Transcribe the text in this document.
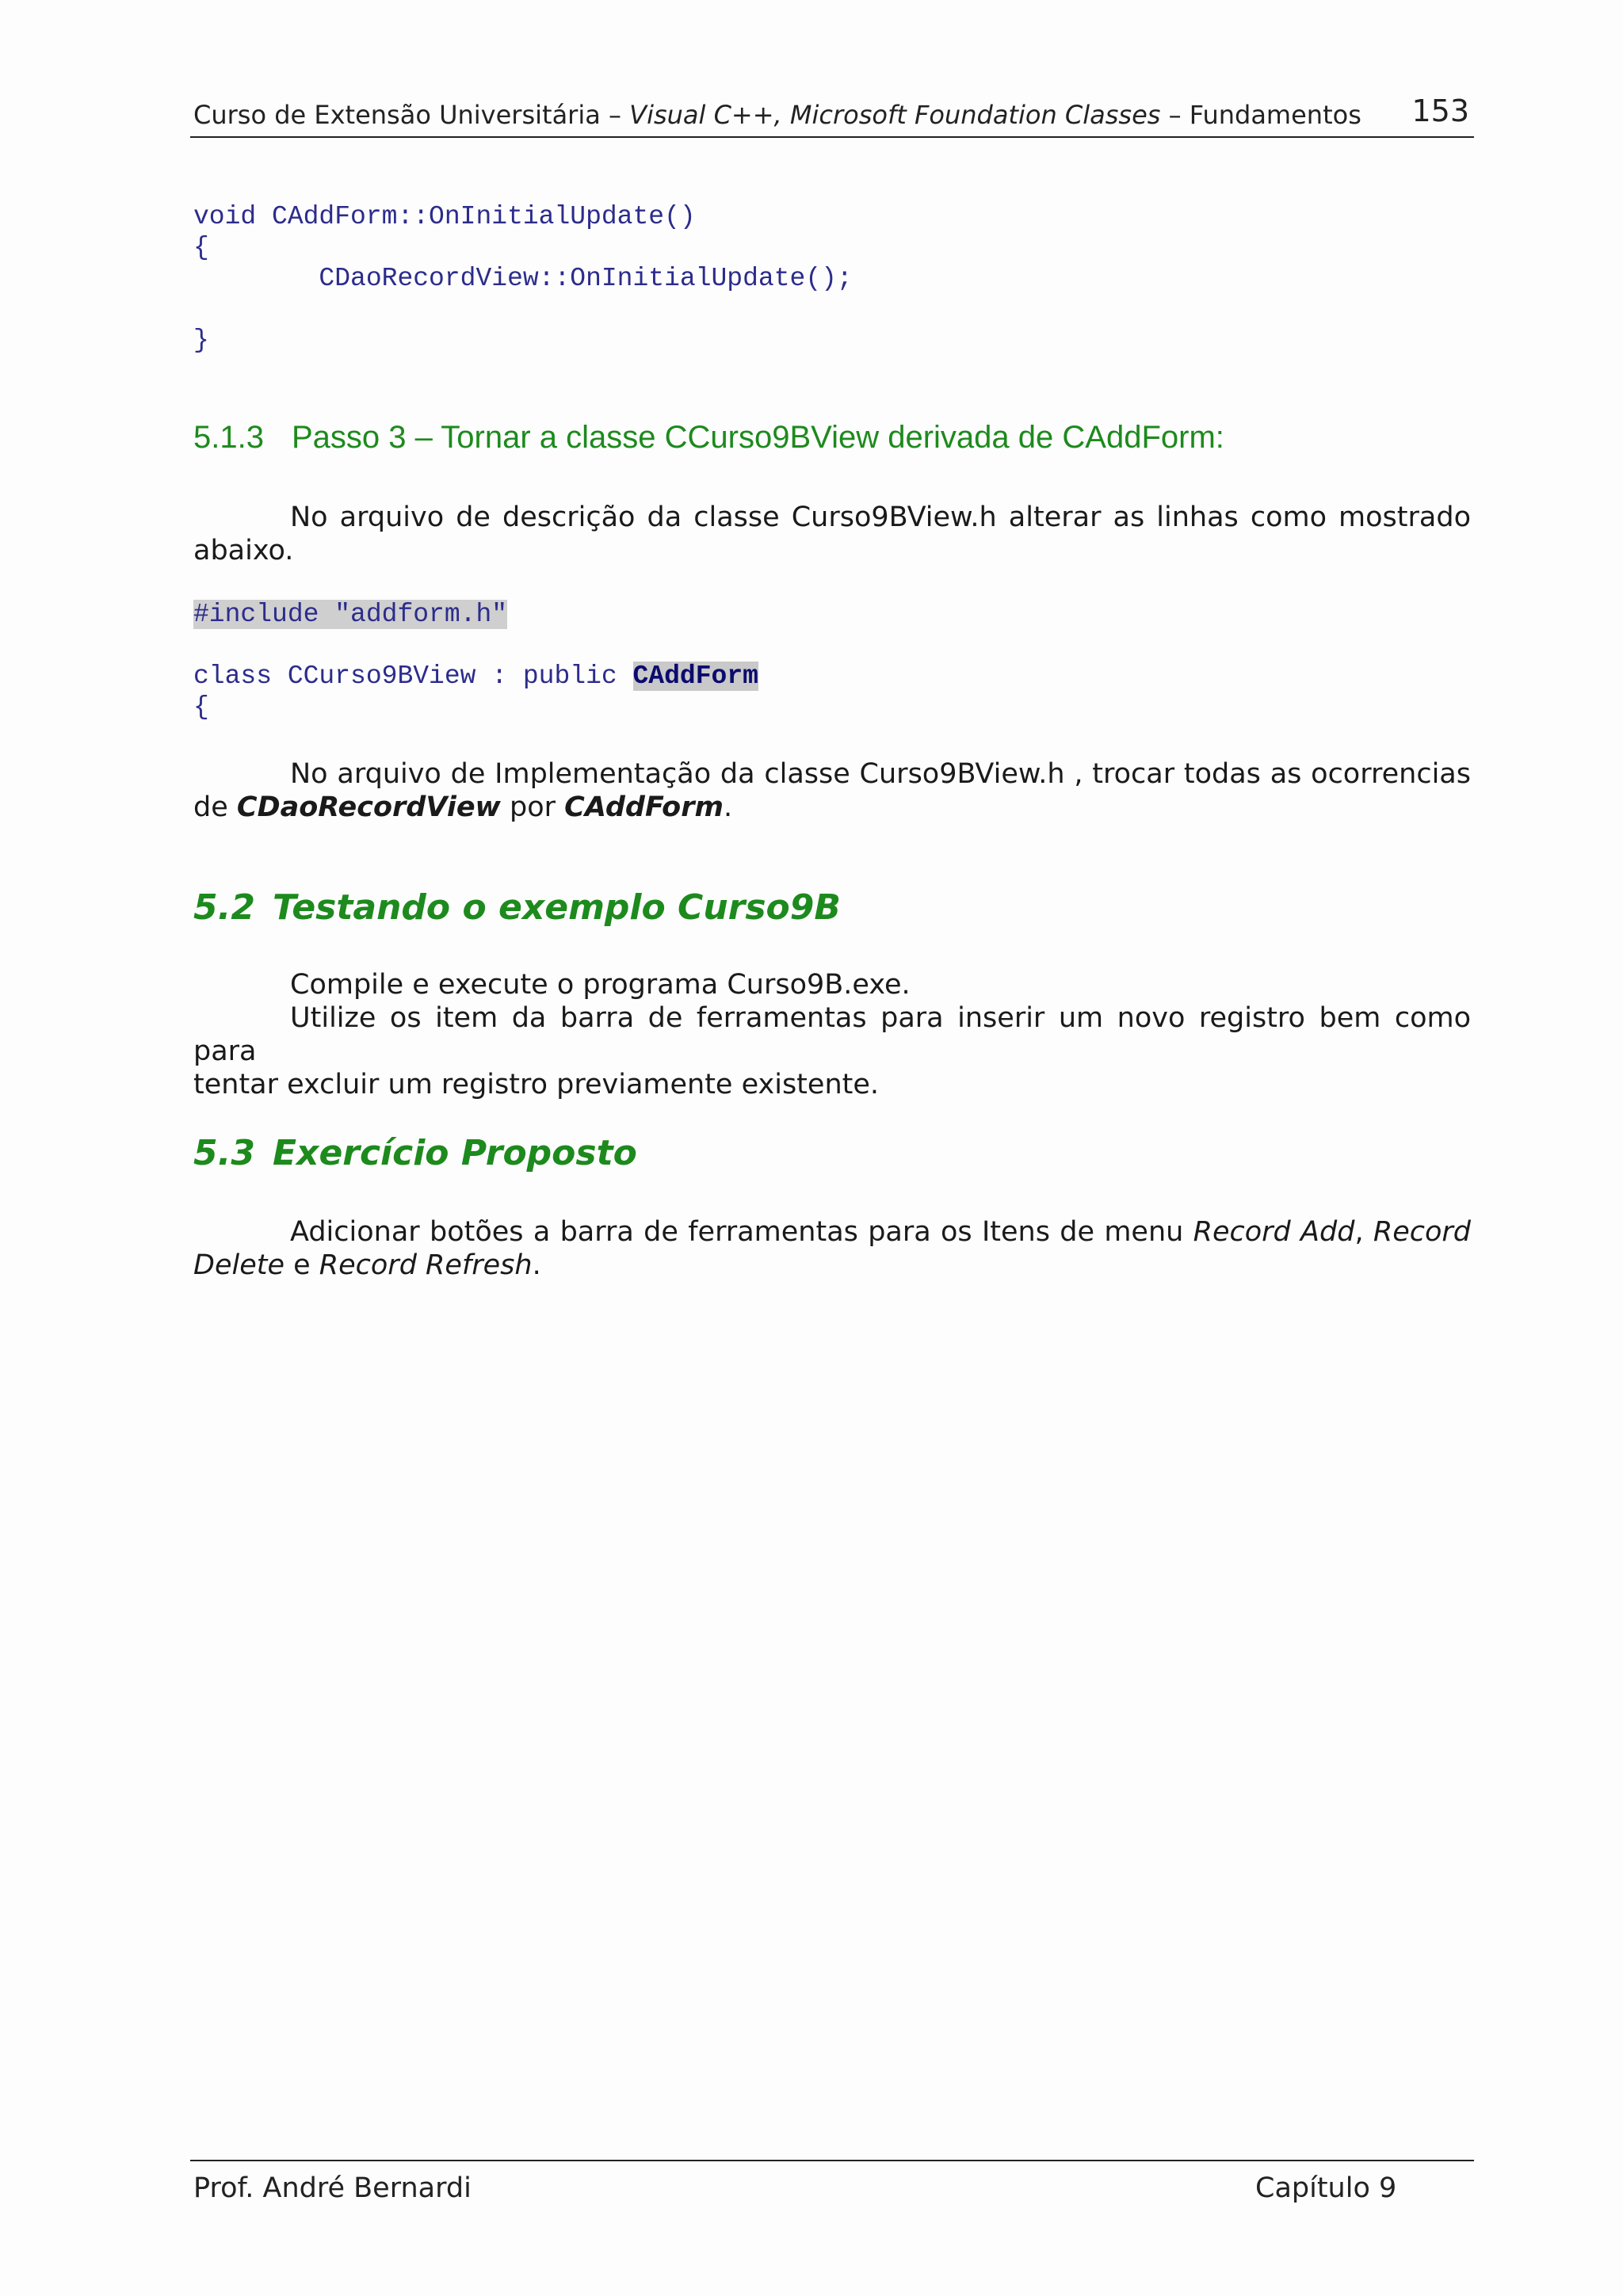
Curso de Extensão Universitária – Visual C++, Microsoft Foundation Classes – Fundamentos 153
void CAddForm::OnInitialUpdate()
{
CDaoRecordView::OnInitialUpdate();
}
5.1.3 Passo 3 – Tornar a classe CCurso9BView derivada de CAddForm:
No arquivo de descrição da classe Curso9BView.h alterar as linhas como mostrado
abaixo.
#include "addform.h"
class CCurso9BView : public CAddForm
{
No arquivo de Implementação da classe Curso9BView.h , trocar todas as ocorrencias
de CDaoRecordView por CAddForm.
5.2 Testando o exemplo Curso9B
Compile e execute o programa Curso9B.exe.
Utilize os item da barra de ferramentas para inserir um novo registro bem como para
tentar excluir um registro previamente existente.
5.3 Exercício Proposto
Adicionar botões a barra de ferramentas para os Itens de menu Record Add, Record
Delete e Record Refresh.
Prof. André Bernardi	Capítulo 9
